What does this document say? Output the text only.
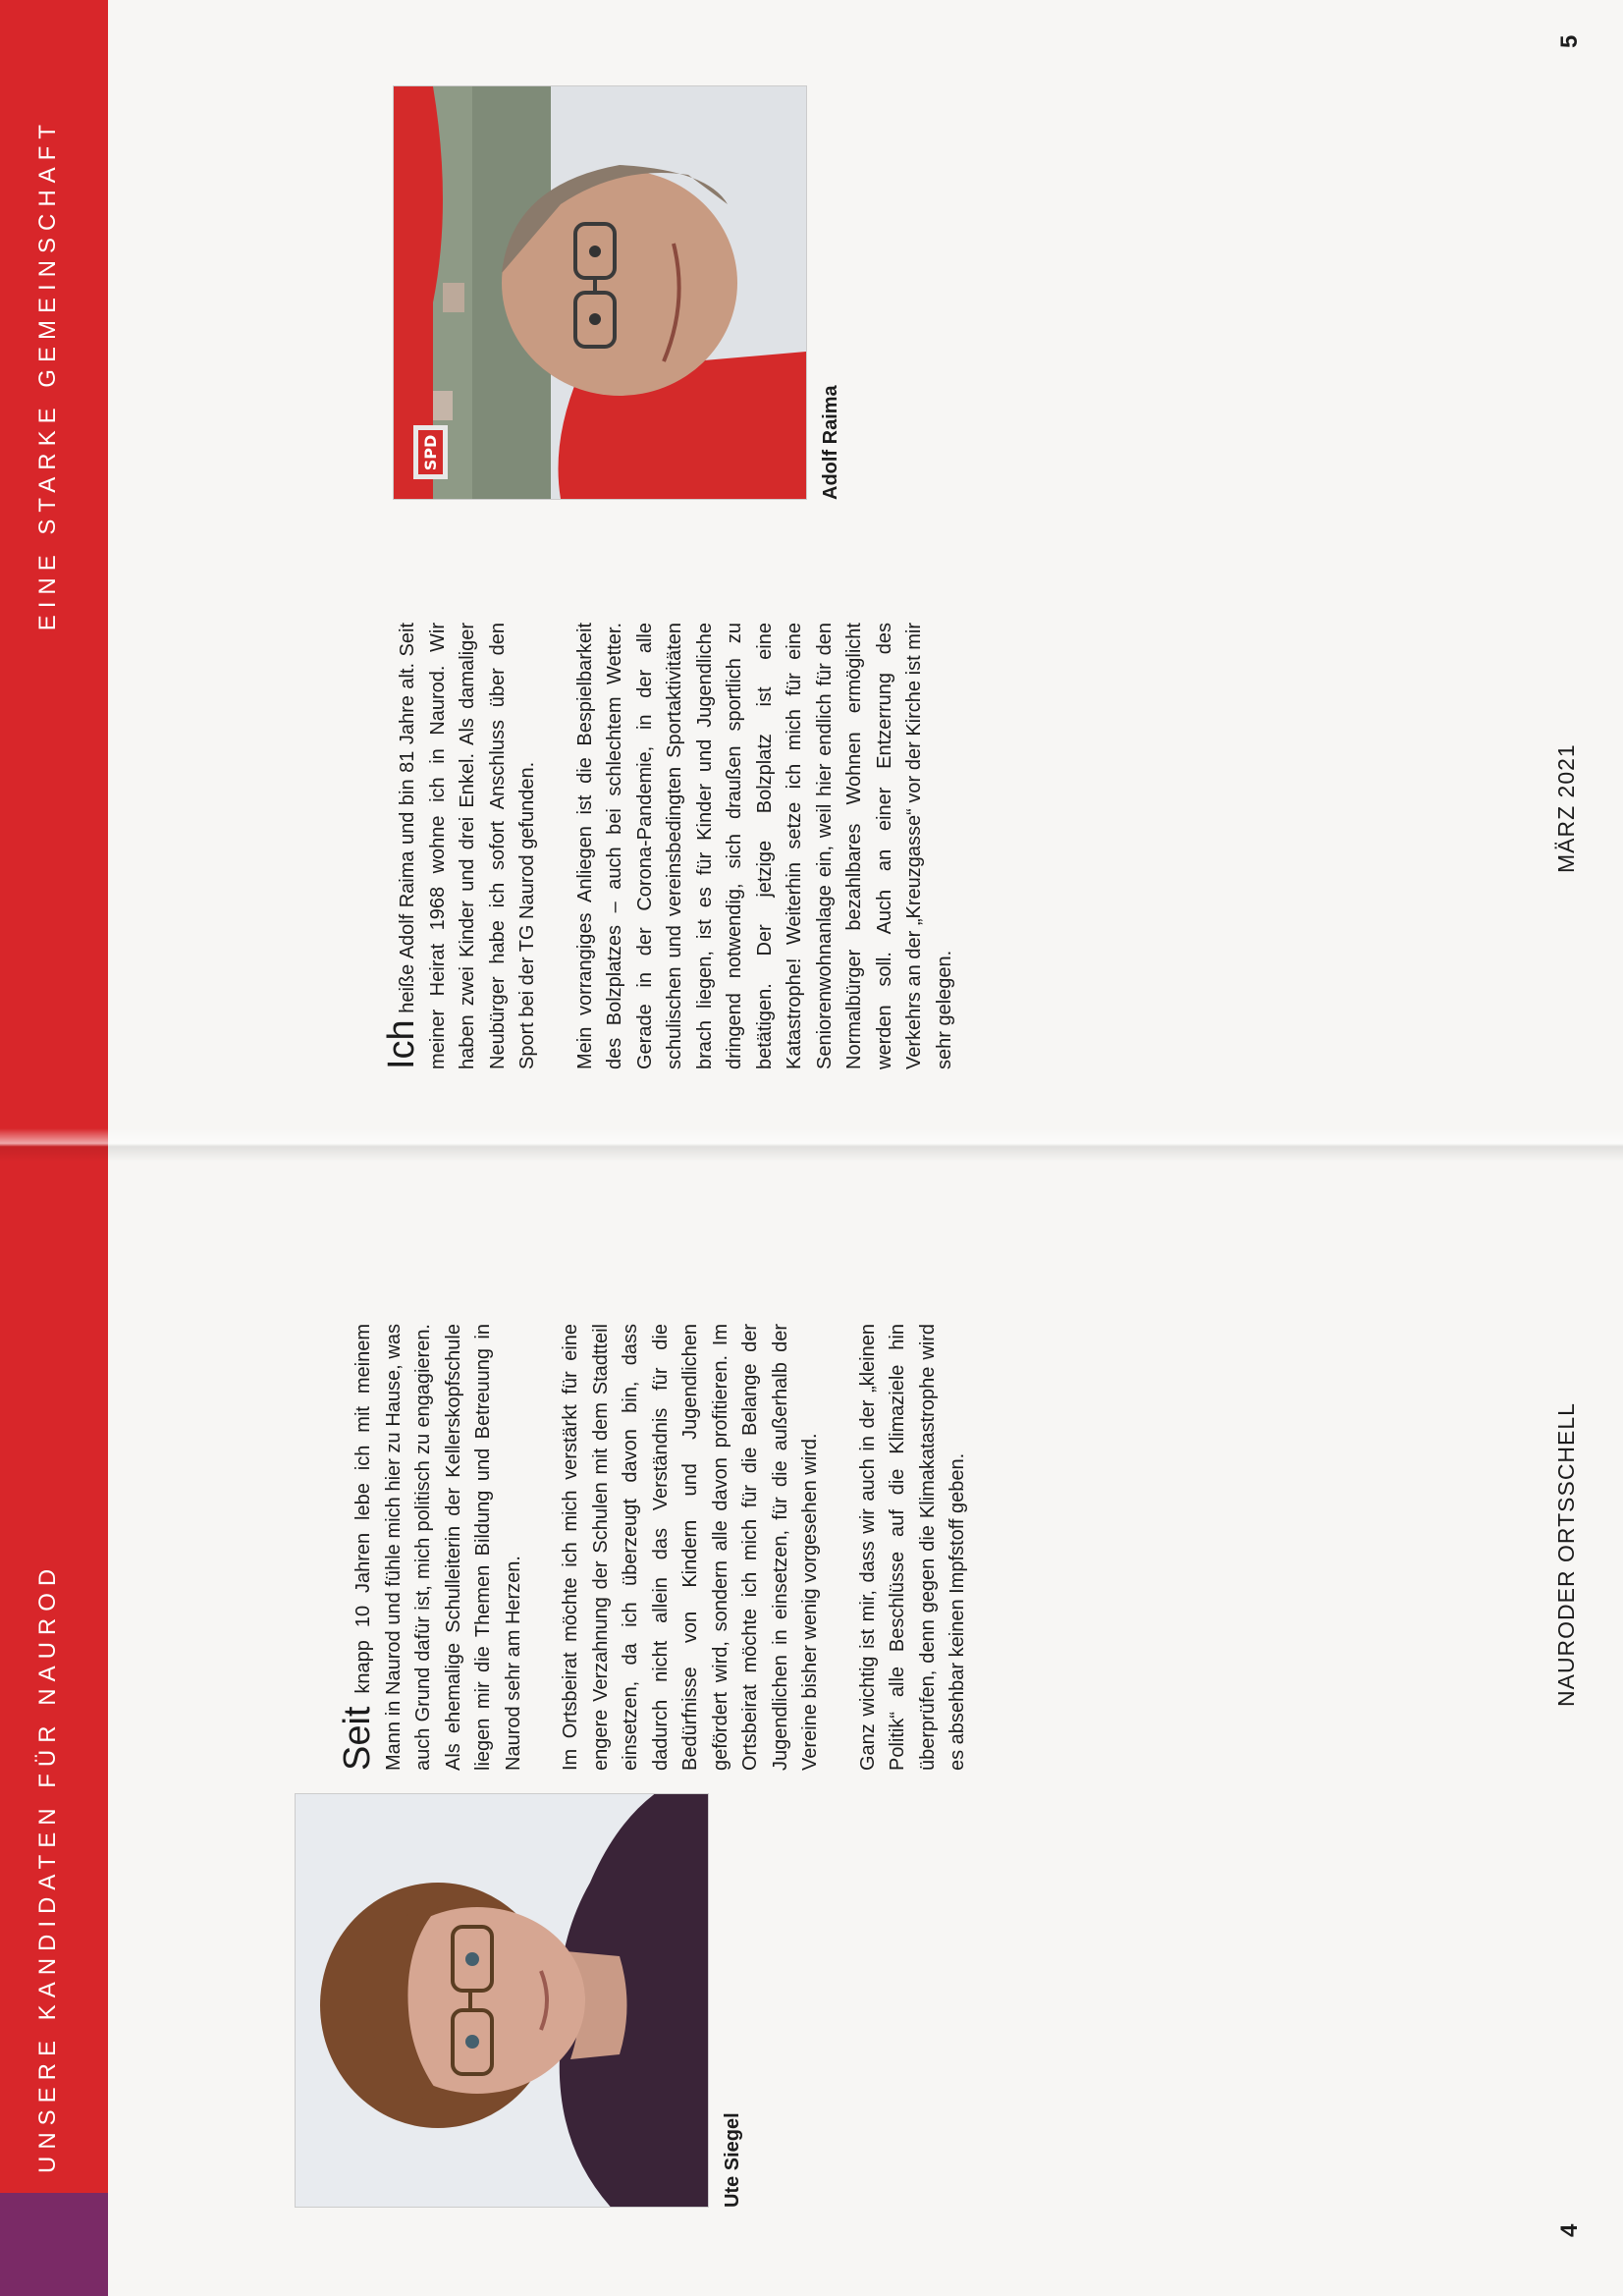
UNSERE KANDIDATEN FÜR NAUROD	Ute Siegel

Seit knapp 10 Jahren lebe ich mit meinem Mann in Naurod und fühle mich hier zu Hause, was auch Grund dafür ist, mich politisch zu engagieren. Als ehemalige Schulleiterin der Kellerskopfschule liegen mir die Themen Bildung und Betreuung in Naurod sehr am Herzen. Im Ortsbeirat möchte ich mich verstärkt für eine engere Verzahnung der Schulen mit dem Stadtteil einsetzen, da ich überzeugt davon bin, dass dadurch nicht allein das Verständnis für die Bedürfnisse von Kindern und Jugendlichen gefördert wird, sondern alle davon profitieren. Im Ortsbeirat möchte ich mich für die Belange der Jugendlichen in einsetzen, für die außerhalb der Vereine bisher wenig vorgesehen wird. Ganz wichtig ist mir, dass wir auch in der „kleinen Politik“ alle Beschlüsse auf die Klimaziele hin überprüfen, denn gegen die Klimakatastrophe wird es absehbar keinen Impfstoff geben.

4
NAURODER ORTSSCHELL
EINE STARKE GEMEINSCHAFT

Ich heiße Adolf Raima und bin 81 Jahre alt. Seit meiner Heirat 1968 wohne ich in Naurod. Wir haben zwei Kinder und drei Enkel. Als damaliger Neubürger habe ich sofort Anschluss über den Sport bei der TG Naurod gefunden. Mein vorrangiges Anliegen ist die Bespielbarkeit des Bolzplatzes – auch bei schlechtem Wetter. Gerade in der Corona-Pandemie, in der alle schulischen und vereinsbedingten Sportaktivitäten brach liegen, ist es für Kinder und Jugendliche dringend notwendig, sich draußen sportlich zu betätigen. Der jetzige Bolzplatz ist eine Katastrophe! Weiterhin setze ich mich für eine Seniorenwohnanlage ein, weil hier endlich für den Normalbürger bezahlbares Wohnen ermöglicht werden soll. Auch an einer Entzerrung des Verkehrs an der „Kreuzgasse“ vor der Kirche ist mir sehr gelegen.

SPD	Adolf Raima
MÄRZ 2021
5
